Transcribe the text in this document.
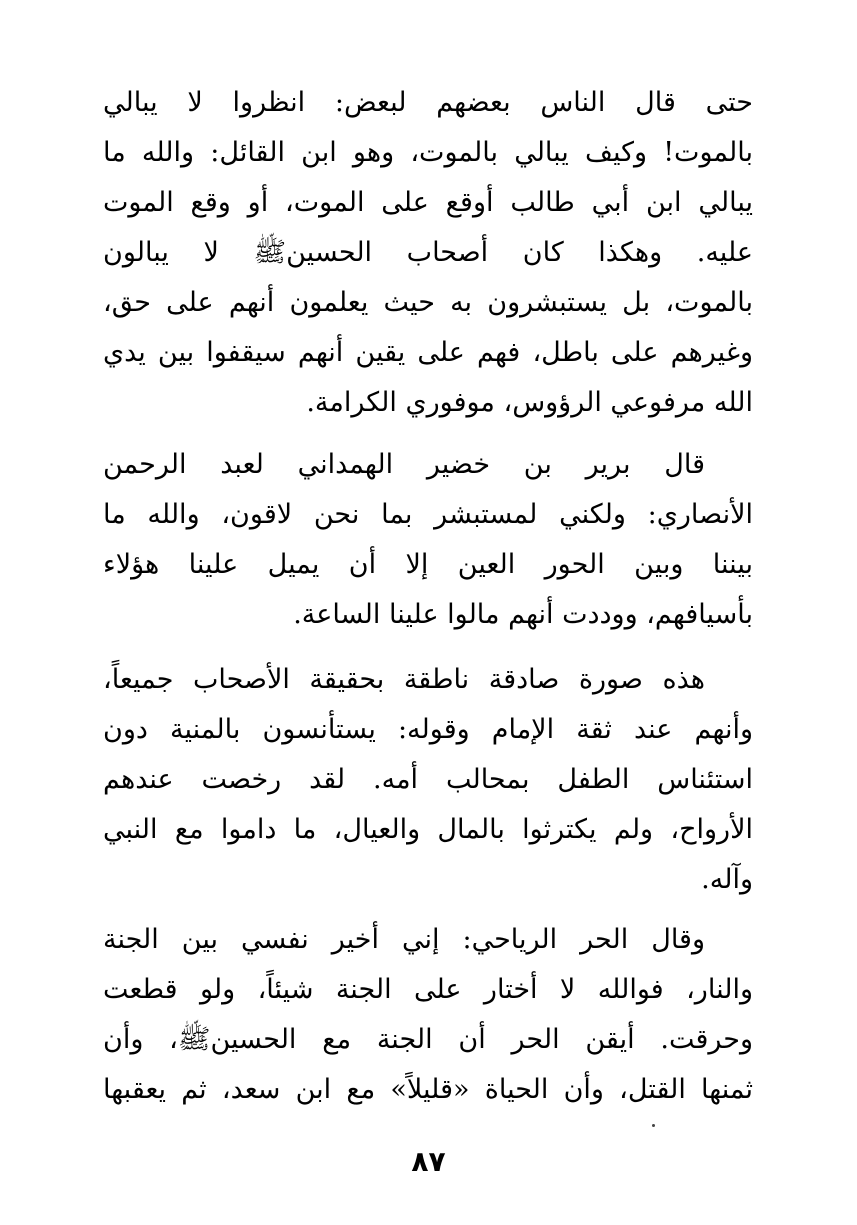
حتى قال الناس بعضهم لبعض: انظروا لا يبالي
بالموت! وكيف يبالي بالموت، وهو ابن القائل: والله ما
يبالي ابن أبي طالب أوقع على الموت، أو وقع الموت
عليه. وهكذا كان أصحاب الحسينﷺ لا يبالون
بالموت، بل يستبشرون به حيث يعلمون أنهم على حق،
وغيرهم على باطل، فهم على يقين أنهم سيقفوا بين يدي
الله مرفوعي الرؤوس، موفوري الكرامة.
قال برير بن خضير الهمداني لعبد الرحمن
الأنصاري: ولكني لمستبشر بما نحن لاقون، والله ما
بيننا وبين الحور العين إلا أن يميل علينا هؤلاء
بأسيافهم، ووددت أنهم مالوا علينا الساعة.
هذه صورة صادقة ناطقة بحقيقة الأصحاب جميعاً،
وأنهم عند ثقة الإمام وقوله: يستأنسون بالمنية دون
استئناس الطفل بمحالب أمه. لقد رخصت عندهم
الأرواح، ولم يكترثوا بالمال والعيال، ما داموا مع النبي
وآله.
وقال الحر الرياحي: إني أخير نفسي بين الجنة
والنار، فوالله لا أختار على الجنة شيئاً، ولو قطعت
وحرقت. أيقن الحر أن الجنة مع الحسينﷺ، وأن
ثمنها القتل، وأن الحياة «قليلاً» مع ابن سعد، ثم يعقبها
٨٧
